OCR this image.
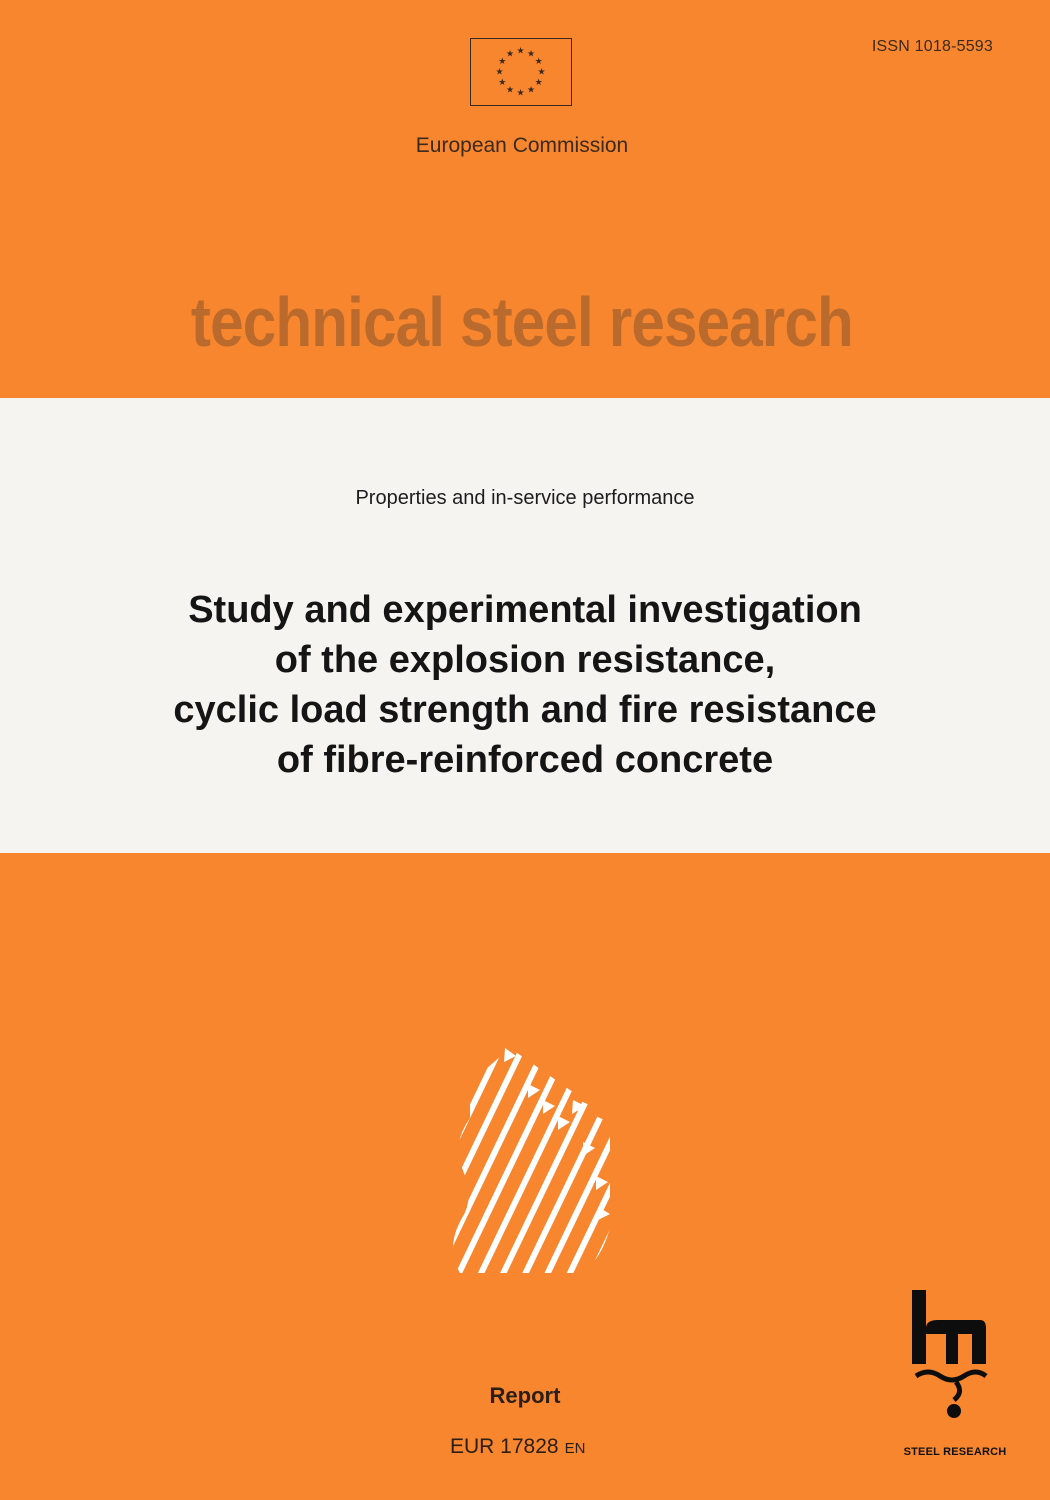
★ ★
★
★
★
★
★
★
★
★
★
★	ISSN 1018-5593
European Commission
technical steel research
Properties and in-service performance
Study and experimental investigation
of the explosion resistance,
cyclic load strength and fire resistance
of fibre-reinforced concrete
Report
EUR 17828 EN	STEEL RESEARCH
